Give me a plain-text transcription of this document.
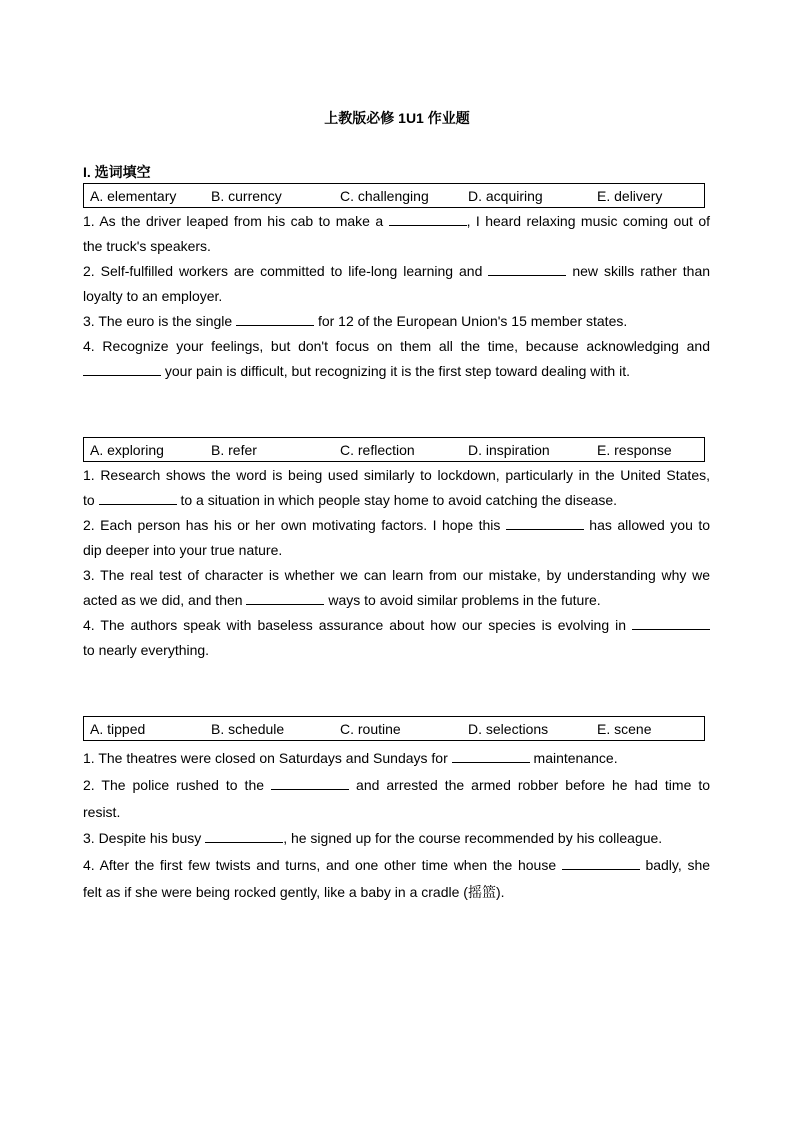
上教版必修 1U1 作业题
I. 选词填空
A. elementary B. currency	C. challenging	D. acquiring	E. delivery
1. As the driver leaped from his cab to make a	, I heard relaxing music coming out of
the truck's speakers.
2. Self-fulfilled workers are committed to life-long learning and	new skills rather than
loyalty to an employer.
3. The euro is the single	for 12 of the European Union's 15 member states.
4. Recognize your feelings, but don't focus on them all the time, because acknowledging and
your pain is difficult, but recognizing it is the first step toward dealing with it.
A. exploring	B. refer	C. reflection	D. inspiration	E. response
1. Research shows the word is being used similarly to lockdown, particularly in the United States,
to	to a situation in which people stay home to avoid catching the disease.
2. Each person has his or her own motivating factors. I hope this	has allowed you to
dip deeper into your true nature.
3. The real test of character is whether we can learn from our mistake, by understanding why we
acted as we did, and then	ways to avoid similar problems in the future.
4. The authors speak with baseless assurance about how our species is evolving in
to nearly everything.
A. tipped	B. schedule	C. routine	D. selections	E. scene
1. The theatres were closed on Saturdays and Sundays for	maintenance.
2. The police rushed to the	and arrested the armed robber before he had time to
resist.
3. Despite his busy	, he signed up for the course recommended by his colleague.
4. After the first few twists and turns, and one other time when the house	badly, she
felt as if she were being rocked gently, like a baby in a cradle (摇篮).
